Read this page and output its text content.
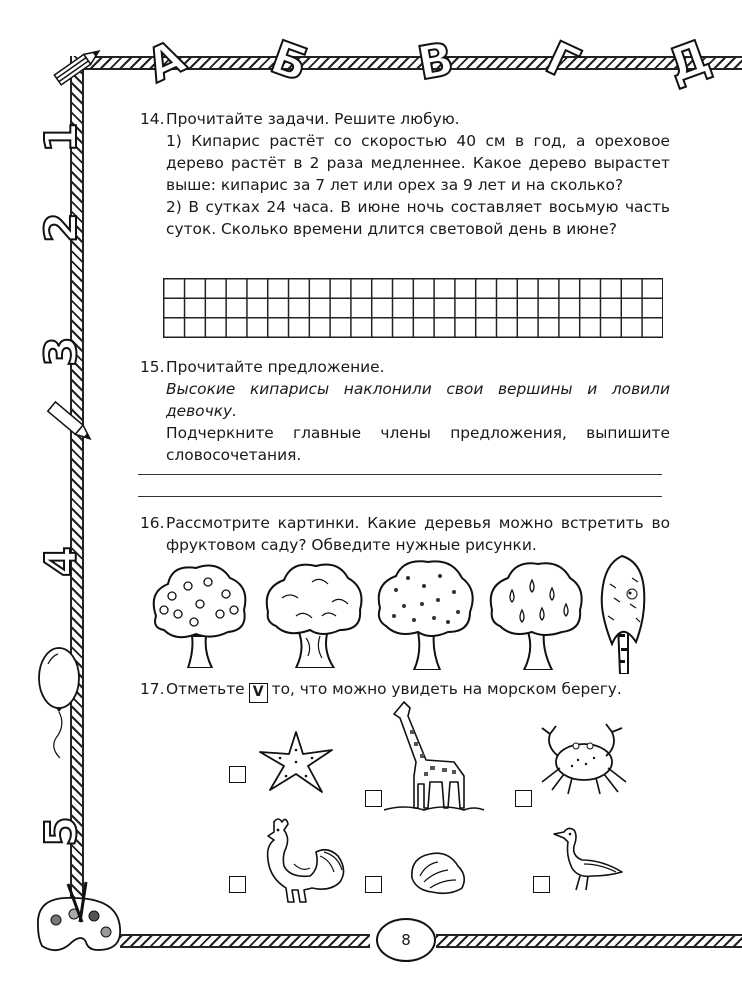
А Б В Г Д
1
2
3
4
5
14.Прочитайте задачи. Решите любую.
1) Кипарис растёт со скоростью 40 см в год, а ореховое дерево растёт в 2 раза медленнее. Какое дерево вырастет выше: кипарис за 7 лет или орех за 9 лет и на сколько?
2) В сутках 24 часа. В июне ночь составляет восьмую часть суток. Сколько времени длится световой день в июне?
15.Прочитайте предложение.
Высокие кипарисы наклонили свои вершины и ловили девочку.
Подчеркните главные члены предложения, выпишите словосочетания.
16.Рассмотрите картинки. Какие деревья можно встретить во фруктовом саду? Обведите нужные рисунки.
17.Отметьте V то, что можно увидеть на морском берегу.
8
